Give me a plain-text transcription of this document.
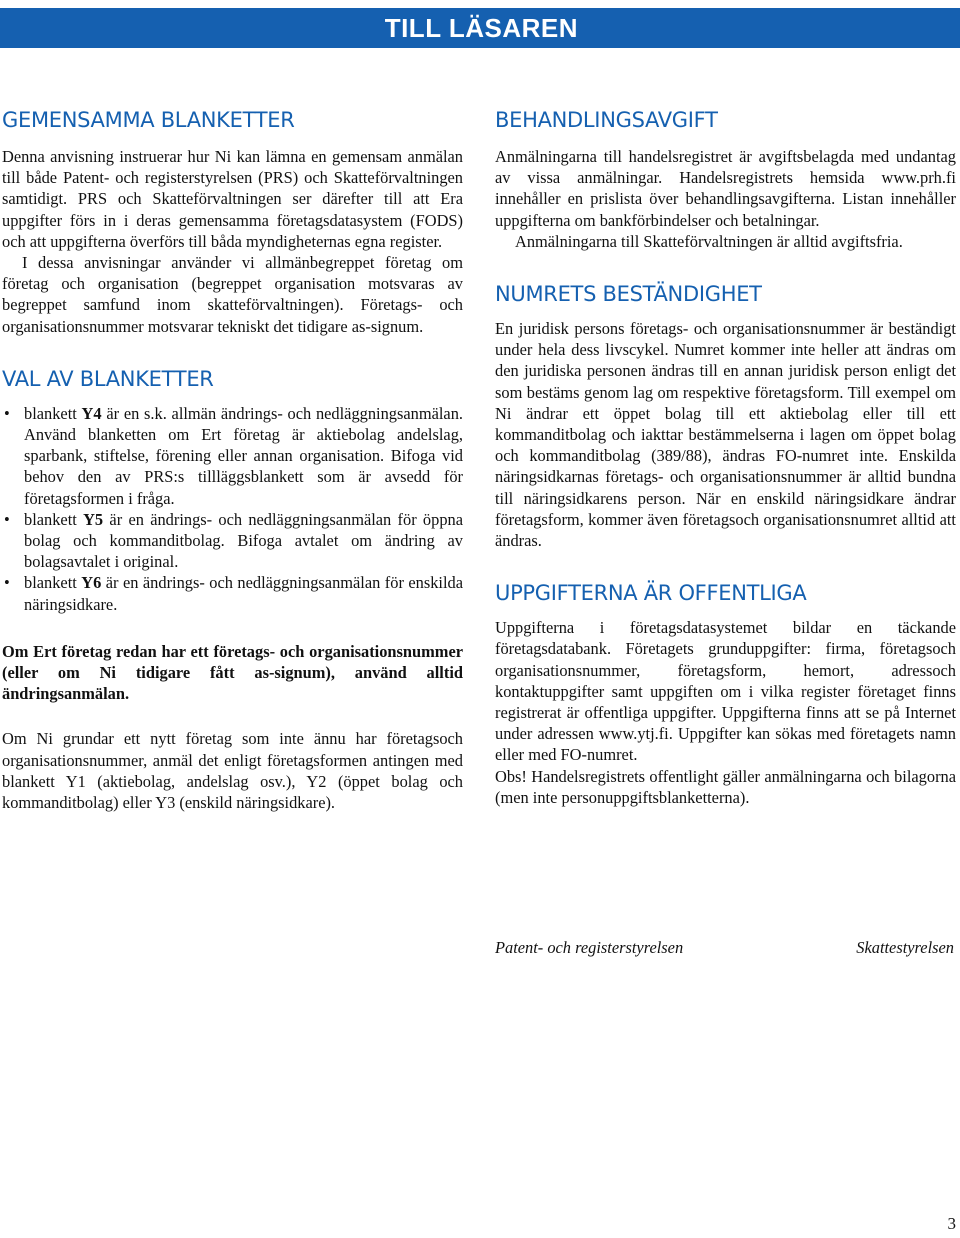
TILL LÄSAREN
GEMENSAMMA BLANKETTER

Denna anvisning instruerar hur Ni kan lämna en gemensam anmälan till både Patent- och registerstyrelsen (PRS) och Skatteförvaltningen samtidigt. PRS och Skatteförvaltningen ser därefter till att Era uppgifter förs in i deras gemensamma företagsdatasystem (FODS) och att uppgifterna överförs till båda myndigheternas egna register.

I dessa anvisningar använder vi allmänbegreppet företag om företag och organisation (begreppet organisation motsvaras av begreppet samfund inom skatteförvaltningen). Företags- och organisationsnummer motsvarar tekniskt det tidigare as-signum.

VAL AV BLANKETTER
• blankett Y4 är en s.k. allmän ändrings- och nedläggningsanmälan. Använd blanketten om Ert företag är aktiebolag andelslag, sparbank, stiftelse, förening eller annan organisation. Bifoga vid behov den av PRS:s tillläggsblankett som är avsedd för företagsformen i fråga.
• blankett Y5 är en ändrings- och nedläggningsanmälan för öppna bolag och kommanditbolag. Bifoga avtalet om ändring av bolagsavtalet i original.
• blankett Y6 är en ändrings- och nedläggningsanmälan för enskilda näringsidkare.

Om Ert företag redan har ett företags- och organisationsnummer (eller om Ni tidigare fått as-signum), använd alltid ändringsanmälan.

Om Ni grundar ett nytt företag som inte ännu har företagsoch organisationsnummer, anmäl det enligt företagsformen antingen med blankett Y1 (aktiebolag, andelslag osv.), Y2 (öppet bolag och kommanditbolag) eller Y3 (enskild näringsidkare).

BEHANDLINGSAVGIFT

Anmälningarna till handelsregistret är avgiftsbelagda med undantag av vissa anmälningar. Handelsregistrets hemsida www.prh.fi innehåller en prislista över behandlingsavgifterna. Listan innehåller uppgifterna om bankförbindelser och betalningar.

Anmälningarna till Skatteförvaltningen är alltid avgiftsfria.

NUMRETS BESTÄNDIGHET

En juridisk persons företags- och organisationsnummer är beständigt under hela dess livscykel. Numret kommer inte heller att ändras om den juridiska personen ändras till en annan juridisk person enligt det som bestäms genom lag om respektive företagsform. Till exempel om Ni ändrar ett öppet bolag till ett aktiebolag eller till ett kommanditbolag och iakttar bestämmelserna i lagen om öppet bolag och kommanditbolag (389/88), ändras FO-numret inte. Enskilda näringsidkarnas företags- och organisationsnummer är alltid bundna till näringsidkarens person. När en enskild näringsidkare ändrar företagsform, kommer även företagsoch organisationsnumret alltid att ändras.

UPPGIFTERNA ÄR OFFENTLIGA

Uppgifterna i företagsdatasystemet bildar en täckande företagsdatabank. Företagets grunduppgifter: firma, företagsoch organisationsnummer, företagsform, hemort, adressoch kontaktuppgifter samt uppgiften om i vilka register företaget finns registrerat är offentliga uppgifter. Uppgifterna finns att se på Internet under adressen www.ytj.fi. Uppgifter kan sökas med företagets namn eller med FO-numret.

Obs! Handelsregistrets offentlight gäller anmälningarna och bilagorna (men inte personuppgiftsblanketterna).

Patent- och registerstyrelsen	Skattestyrelsen
3
